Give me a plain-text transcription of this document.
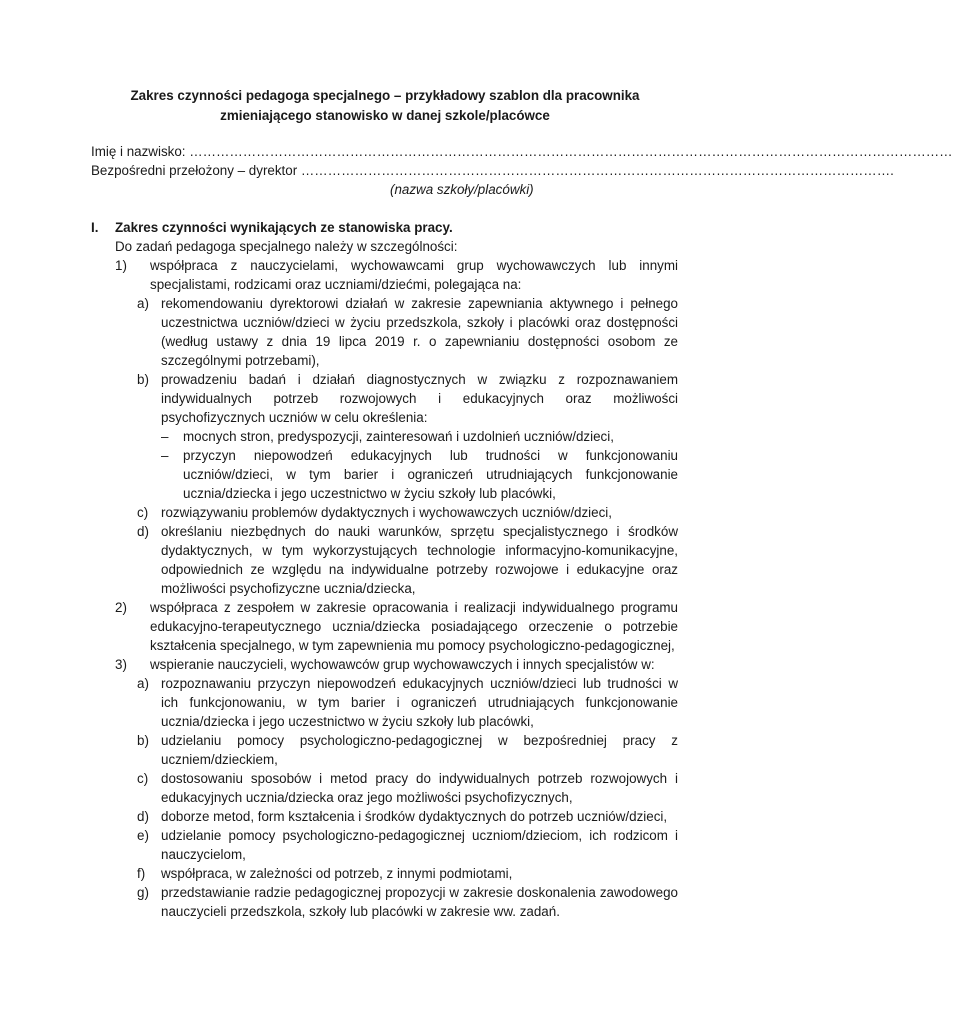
Zakres czynności pedagoga specjalnego – przykładowy szablon dla pracownika zmieniającego stanowisko w danej szkole/placówce
Imię i nazwisko: ………………………………………………………………………………………………………………………………………………………
Bezpośredni przełożony – dyrektor …………………………………………………………………………………………………………………….
(nazwa szkoły/placówki)
I. Zakres czynności wynikających ze stanowiska pracy.
Do zadań pedagoga specjalnego należy w szczególności:
1) współpraca z nauczycielami, wychowawcami grup wychowawczych lub innymi specjalistami, rodzicami oraz uczniami/dziećmi, polegająca na:
a) rekomendowaniu dyrektorowi działań w zakresie zapewniania aktywnego i pełnego uczestnictwa uczniów/dzieci w życiu przedszkola, szkoły i placówki oraz dostępności (według ustawy z dnia 19 lipca 2019 r. o zapewnianiu dostępności osobom ze szczególnymi potrzebami),
b) prowadzeniu badań i działań diagnostycznych w związku z rozpoznawaniem indywidualnych potrzeb rozwojowych i edukacyjnych oraz możliwości psychofizycznych uczniów w celu określenia:
– mocnych stron, predyspozycji, zainteresowań i uzdolnień uczniów/dzieci,
– przyczyn niepowodzeń edukacyjnych lub trudności w funkcjonowaniu uczniów/dzieci, w tym barier i ograniczeń utrudniających funkcjonowanie ucznia/dziecka i jego uczestnictwo w życiu szkoły lub placówki,
c) rozwiązywaniu problemów dydaktycznych i wychowawczych uczniów/dzieci,
d) określaniu niezbędnych do nauki warunków, sprzętu specjalistycznego i środków dydaktycznych, w tym wykorzystujących technologie informacyjno-komunikacyjne, odpowiednich ze względu na indywidualne potrzeby rozwojowe i edukacyjne oraz możliwości psychofizyczne ucznia/dziecka,
2) współpraca z zespołem w zakresie opracowania i realizacji indywidualnego programu edukacyjno-terapeutycznego ucznia/dziecka posiadającego orzeczenie o potrzebie kształcenia specjalnego, w tym zapewnienia mu pomocy psychologiczno-pedagogicznej,
3) wspieranie nauczycieli, wychowawców grup wychowawczych i innych specjalistów w:
a) rozpoznawaniu przyczyn niepowodzeń edukacyjnych uczniów/dzieci lub trudności w ich funkcjonowaniu, w tym barier i ograniczeń utrudniających funkcjonowanie ucznia/dziecka i jego uczestnictwo w życiu szkoły lub placówki,
b) udzielaniu pomocy psychologiczno-pedagogicznej w bezpośredniej pracy z uczniem/dzieckiem,
c) dostosowaniu sposobów i metod pracy do indywidualnych potrzeb rozwojowych i edukacyjnych ucznia/dziecka oraz jego możliwości psychofizycznych,
d) doborze metod, form kształcenia i środków dydaktycznych do potrzeb uczniów/dzieci,
e) udzielanie pomocy psychologiczno-pedagogicznej uczniom/dzieciom, ich rodzicom i nauczycielom,
f) współpraca, w zależności od potrzeb, z innymi podmiotami,
g) przedstawianie radzie pedagogicznej propozycji w zakresie doskonalenia zawodowego nauczycieli przedszkola, szkoły lub placówki w zakresie ww. zadań.
